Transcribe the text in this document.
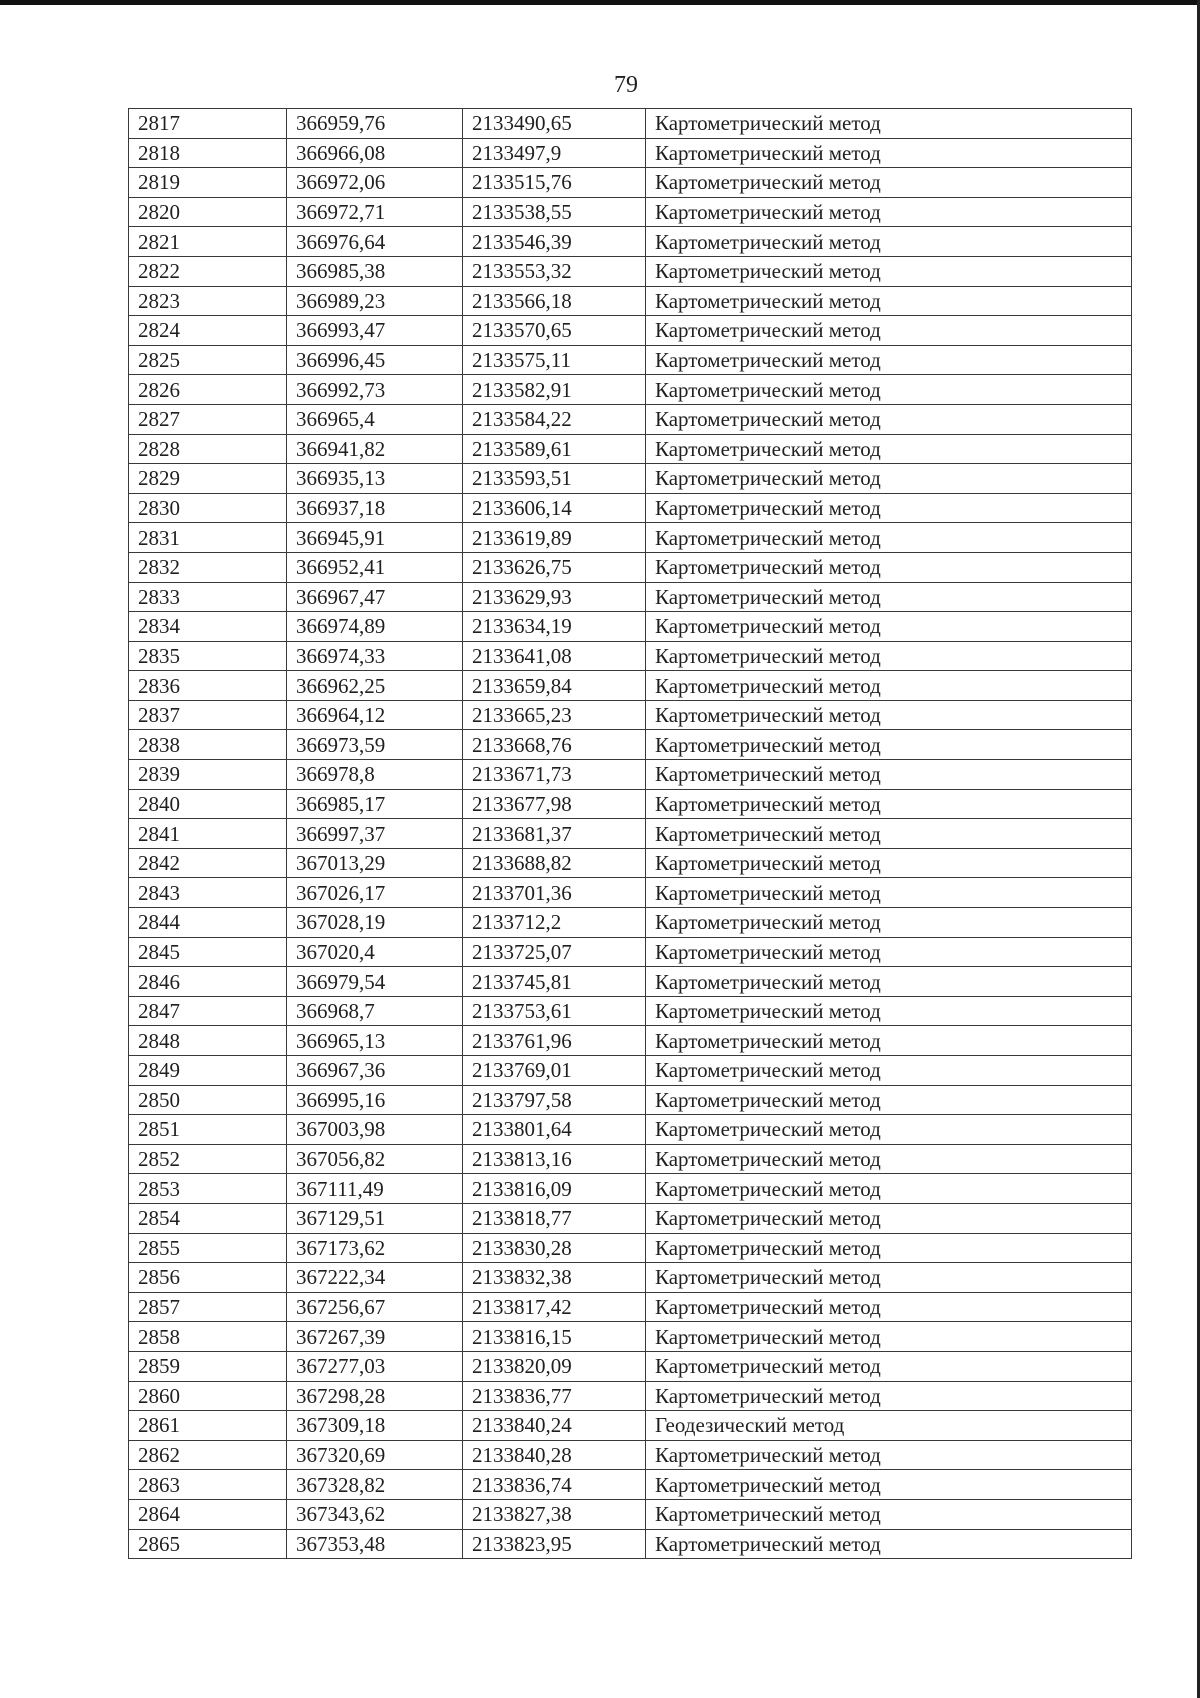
79
2817	366959,76	2133490,65	Картометрический метод
2818	366966,08	2133497,9	Картометрический метод
2819	366972,06	2133515,76	Картометрический метод
2820	366972,71	2133538,55	Картометрический метод
2821	366976,64	2133546,39	Картометрический метод
2822	366985,38	2133553,32	Картометрический метод
2823	366989,23	2133566,18	Картометрический метод
2824	366993,47	2133570,65	Картометрический метод
2825	366996,45	2133575,11	Картометрический метод
2826	366992,73	2133582,91	Картометрический метод
2827	366965,4	2133584,22	Картометрический метод
2828	366941,82	2133589,61	Картометрический метод
2829	366935,13	2133593,51	Картометрический метод
2830	366937,18	2133606,14	Картометрический метод
2831	366945,91	2133619,89	Картометрический метод
2832	366952,41	2133626,75	Картометрический метод
2833	366967,47	2133629,93	Картометрический метод
2834	366974,89	2133634,19	Картометрический метод
2835	366974,33	2133641,08	Картометрический метод
2836	366962,25	2133659,84	Картометрический метод
2837	366964,12	2133665,23	Картометрический метод
2838	366973,59	2133668,76	Картометрический метод
2839	366978,8	2133671,73	Картометрический метод
2840	366985,17	2133677,98	Картометрический метод
2841	366997,37	2133681,37	Картометрический метод
2842	367013,29	2133688,82	Картометрический метод
2843	367026,17	2133701,36	Картометрический метод
2844	367028,19	2133712,2	Картометрический метод
2845	367020,4	2133725,07	Картометрический метод
2846	366979,54	2133745,81	Картометрический метод
2847	366968,7	2133753,61	Картометрический метод
2848	366965,13	2133761,96	Картометрический метод
2849	366967,36	2133769,01	Картометрический метод
2850	366995,16	2133797,58	Картометрический метод
2851	367003,98	2133801,64	Картометрический метод
2852	367056,82	2133813,16	Картометрический метод
2853	367111,49	2133816,09	Картометрический метод
2854	367129,51	2133818,77	Картометрический метод
2855	367173,62	2133830,28	Картометрический метод
2856	367222,34	2133832,38	Картометрический метод
2857	367256,67	2133817,42	Картометрический метод
2858	367267,39	2133816,15	Картометрический метод
2859	367277,03	2133820,09	Картометрический метод
2860	367298,28	2133836,77	Картометрический метод
2861	367309,18	2133840,24	Геодезический метод
2862	367320,69	2133840,28	Картометрический метод
2863	367328,82	2133836,74	Картометрический метод
2864	367343,62	2133827,38	Картометрический метод
2865	367353,48	2133823,95	Картометрический метод
